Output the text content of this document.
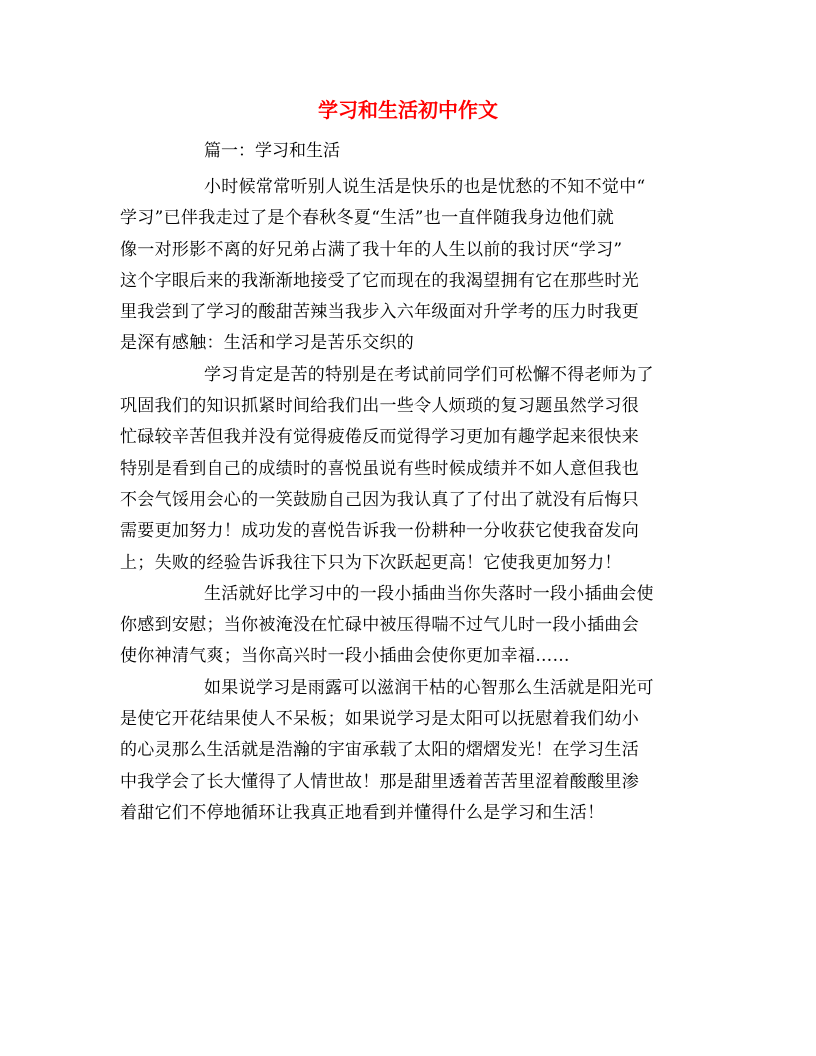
学习和生活初中作文
篇一：学习和生活

小时候常常听别人说生活是快乐的也是忧愁的不知不觉中“
学习”已伴我走过了是个春秋冬夏“生活”也一直伴随我身边他们就
像一对形影不离的好兄弟占满了我十年的人生以前的我讨厌“学习”
这个字眼后来的我渐渐地接受了它而现在的我渴望拥有它在那些时光
里我尝到了学习的酸甜苦辣当我步入六年级面对升学考的压力时我更
是深有感触：生活和学习是苦乐交织的

学习肯定是苦的特别是在考试前同学们可松懈不得老师为了
巩固我们的知识抓紧时间给我们出一些令人烦琐的复习题虽然学习很
忙碌较辛苦但我并没有觉得疲倦反而觉得学习更加有趣学起来很快来
特别是看到自己的成绩时的喜悦虽说有些时候成绩并不如人意但我也
不会气馁用会心的一笑鼓励自己因为我认真了了付出了就没有后悔只
需要更加努力！成功发的喜悦告诉我一份耕种一分收获它使我奋发向
上；失败的经验告诉我往下只为下次跃起更高！它使我更加努力！

生活就好比学习中的一段小插曲当你失落时一段小插曲会使
你感到安慰；当你被淹没在忙碌中被压得喘不过气儿时一段小插曲会
使你神清气爽；当你高兴时一段小插曲会使你更加幸福……

如果说学习是雨露可以滋润干枯的心智那么生活就是阳光可
是使它开花结果使人不呆板；如果说学习是太阳可以抚慰着我们幼小
的心灵那么生活就是浩瀚的宇宙承载了太阳的熠熠发光！在学习生活
中我学会了长大懂得了人情世故！那是甜里透着苦苦里涩着酸酸里渗
着甜它们不停地循环让我真正地看到并懂得什么是学习和生活！
